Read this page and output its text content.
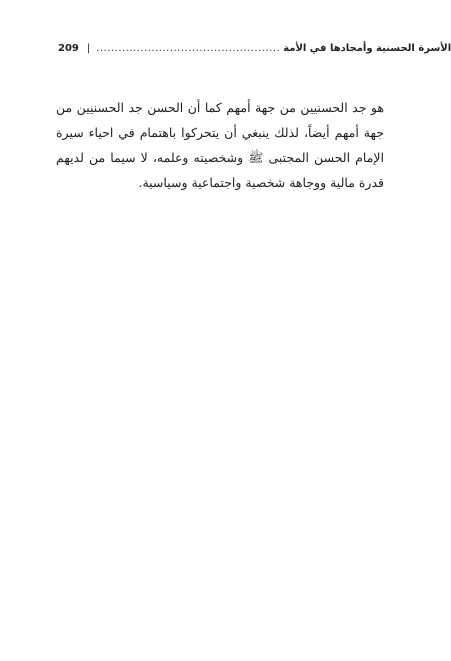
209 | .................................................. الأسرة الحسنية وأمجادها في الأمة

هو جد الحسنيين من جهة أمهم كما أن الحسن جد الحسنيين من جهة أمهم أيضاً، لذلك ينبغي أن يتحركوا باهتمام في احياء سيرة الإمام الحسن المجتبى ﷺ وشخصيته وعلمه، لا سيما من لديهم قدرة مالية ووجاهة شخصية واجتماعية وسياسية.
